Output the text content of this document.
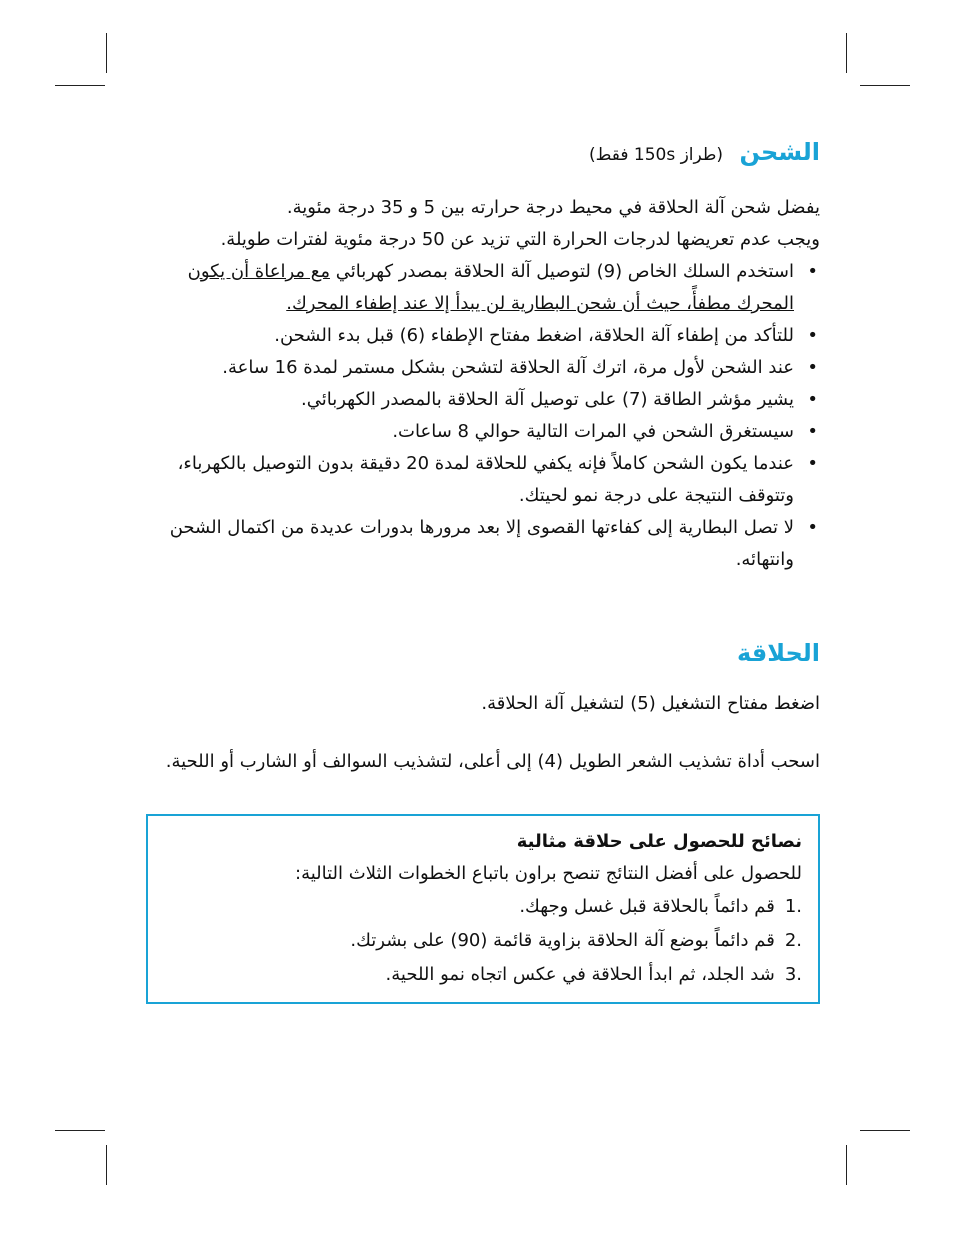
الشحن (طراز 150s فقط)

يفضل شحن آلة الحلاقة في محيط درجة حرارته بين 5 و 35 درجة مئوية.

ويجب عدم تعريضها لدرجات الحرارة التي تزيد عن 50 درجة مئوية لفترات طويلة.

• استخدم السلك الخاص (9) لتوصيل آلة الحلاقة بمصدر كهربائي مع مراعاة أن يكون المحرك مطفأً، حيث أن شحن البطارية لن يبدأ إلا عند إطفاء المحرك.
• للتأكد من إطفاء آلة الحلاقة، اضغط مفتاح الإطفاء (6) قبل بدء الشحن.
• عند الشحن لأول مرة، اترك آلة الحلاقة لتشحن بشكل مستمر لمدة 16 ساعة.
• يشير مؤشر الطاقة (7) على توصيل آلة الحلاقة بالمصدر الكهربائي.
• سيستغرق الشحن في المرات التالية حوالي 8 ساعات.
• عندما يكون الشحن كاملاً فإنه يكفي للحلاقة لمدة 20 دقيقة بدون التوصيل بالكهرباء، وتتوقف النتيجة على درجة نمو لحيتك.
• لا تصل البطارية إلى كفاءتها القصوى إلا بعد مرورها بدورات عديدة من اكتمال الشحن وانتهائه.
الحلاقة

اضغط مفتاح التشغيل (5) لتشغيل آلة الحلاقة.

اسحب أداة تشذيب الشعر الطويل (4) إلى أعلى، لتشذيب السوالف أو الشارب أو اللحية.

نصائح للحصول على حلاقة مثالية

للحصول على أفضل النتائج تنصح براون باتباع الخطوات الثلاث التالية:

1.قم دائماً بالحلاقة قبل غسل وجهك.
2.قم دائماً بوضع آلة الحلاقة بزاوية قائمة (90) على بشرتك.
3.شد الجلد، ثم ابدأ الحلاقة في عكس اتجاه نمو اللحية.
